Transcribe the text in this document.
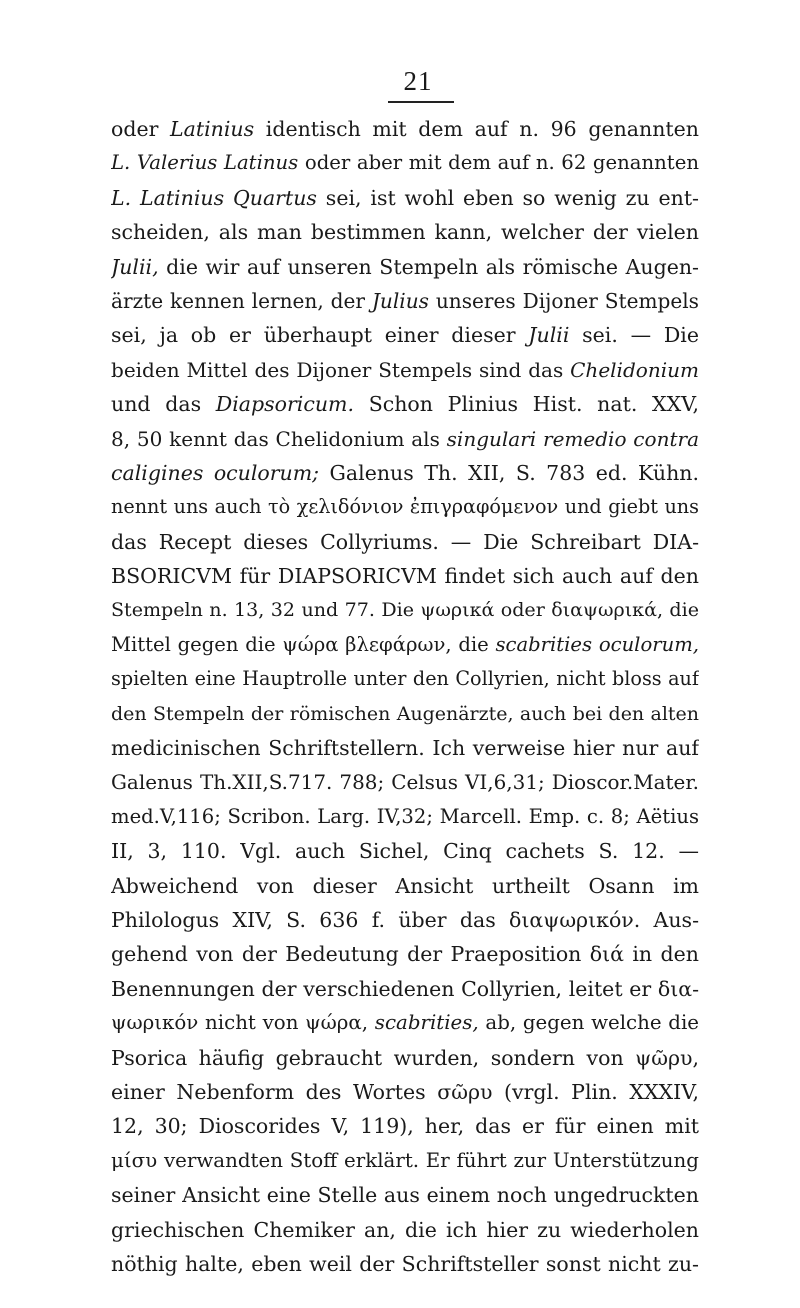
21
oder Latinius identisch mit dem auf n. 96 genannten
L. Valerius Latinus oder aber mit dem auf n. 62 genannten
L. Latinius Quartus sei, ist wohl eben so wenig zu ent-
scheiden, als man bestimmen kann, welcher der vielen
Julii, die wir auf unseren Stempeln als römische Augen-
ärzte kennen lernen, der Julius unseres Dijoner Stempels
sei, ja ob er überhaupt einer dieser Julii sei. — Die
beiden Mittel des Dijoner Stempels sind das Chelidonium
und das Diapsoricum. Schon Plinius Hist. nat. XXV,
8, 50 kennt das Chelidonium als singulari remedio contra
caligines oculorum; Galenus Th. XII, S. 783 ed. Kühn.
nennt uns auch τὸ χελιδόνιον ἐπιγραφόμενον und giebt uns
das Recept dieses Collyriums. — Die Schreibart DIA-
BSORICVM für DIAPSORICVM findet sich auch auf den
Stempeln n. 13, 32 und 77. Die ψωρικά oder διαψωρικά, die
Mittel gegen die ψώρα βλεφάρων, die scabrities oculorum,
spielten eine Hauptrolle unter den Collyrien, nicht bloss auf
den Stempeln der römischen Augenärzte, auch bei den alten
medicinischen Schriftstellern. Ich verweise hier nur auf
Galenus Th.XII,S.717. 788; Celsus VI,6,31; Dioscor.Mater.
med.V,116; Scribon. Larg. IV,32; Marcell. Emp. c. 8; Aëtius
II, 3, 110. Vgl. auch Sichel, Cinq cachets S. 12. —
Abweichend von dieser Ansicht urtheilt Osann im
Philologus XIV, S. 636 f. über das διαψωρικόν. Aus-
gehend von der Bedeutung der Praeposition διά in den
Benennungen der verschiedenen Collyrien, leitet er δια-
ψωρικόν nicht von ψώρα, scabrities, ab, gegen welche die
Psorica häufig gebraucht wurden, sondern von ψῶρυ,
einer Nebenform des Wortes σῶρυ (vrgl. Plin. XXXIV,
12, 30; Dioscorides V, 119), her, das er für einen mit
μίσυ verwandten Stoff erklärt. Er führt zur Unterstützung
seiner Ansicht eine Stelle aus einem noch ungedruckten
griechischen Chemiker an, die ich hier zu wiederholen
nöthig halte, eben weil der Schriftsteller sonst nicht zu-
